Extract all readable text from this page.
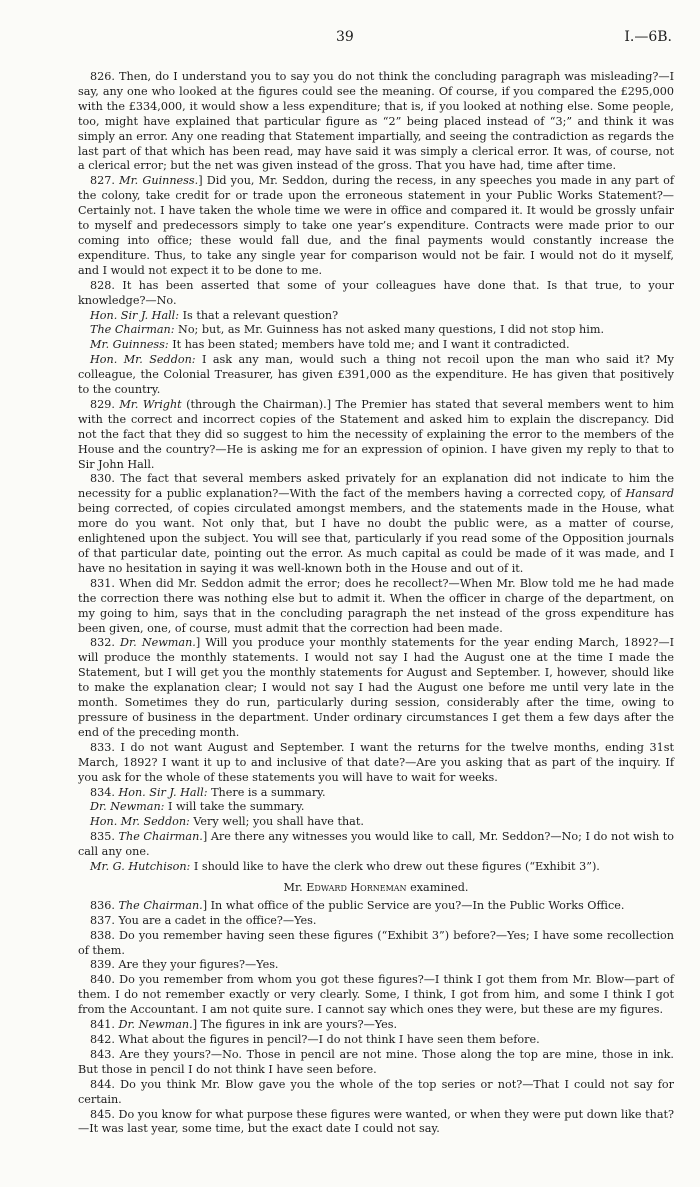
39	I.—6B.

826. Then, do I understand you to say you do not think the concluding paragraph was misleading?—I say, any one who looked at the figures could see the meaning. Of course, if you compared the £295,000 with the £334,000, it would show a less expenditure; that is, if you looked at nothing else. Some people, too, might have explained that particular figure as “2” being placed instead of “3;” and think it was simply an error. Any one reading that Statement impartially, and seeing the contradiction as regards the last part of that which has been read, may have said it was simply a clerical error. It was, of course, not a clerical error; but the net was given instead of the gross. That you have had, time after time.

827. Mr. Guinness.] Did you, Mr. Seddon, during the recess, in any speeches you made in any part of the colony, take credit for or trade upon the erroneous statement in your Public Works Statement?—Certainly not. I have taken the whole time we were in office and compared it. It would be grossly unfair to myself and predecessors simply to take one year’s expenditure. Contracts were made prior to our coming into office; these would fall due, and the final payments would constantly increase the expenditure. Thus, to take any single year for comparison would not be fair. I would not do it myself, and I would not expect it to be done to me.

828. It has been asserted that some of your colleagues have done that. Is that true, to your knowledge?—No.

Hon. Sir J. Hall: Is that a relevant question?

The Chairman: No; but, as Mr. Guinness has not asked many questions, I did not stop him.

Mr. Guinness: It has been stated; members have told me; and I want it contradicted.

Hon. Mr. Seddon: I ask any man, would such a thing not recoil upon the man who said it? My colleague, the Colonial Treasurer, has given £391,000 as the expenditure. He has given that positively to the country.

829. Mr. Wright (through the Chairman).] The Premier has stated that several members went to him with the correct and incorrect copies of the Statement and asked him to explain the discrepancy. Did not the fact that they did so suggest to him the necessity of explaining the error to the members of the House and the country?—He is asking me for an expression of opinion. I have given my reply to that to Sir John Hall.

830. The fact that several members asked privately for an explanation did not indicate to him the necessity for a public explanation?—With the fact of the members having a corrected copy, of Hansard being corrected, of copies circulated amongst members, and the statements made in the House, what more do you want. Not only that, but I have no doubt the public were, as a matter of course, enlightened upon the subject. You will see that, particularly if you read some of the Opposition journals of that particular date, pointing out the error. As much capital as could be made of it was made, and I have no hesitation in saying it was well-known both in the House and out of it.

831. When did Mr. Seddon admit the error; does he recollect?—When Mr. Blow told me he had made the correction there was nothing else but to admit it. When the officer in charge of the department, on my going to him, says that in the concluding paragraph the net instead of the gross expenditure has been given, one, of course, must admit that the correction had been made.

832. Dr. Newman.] Will you produce your monthly statements for the year ending March, 1892?—I will produce the monthly statements. I would not say I had the August one at the time I made the Statement, but I will get you the monthly statements for August and September. I, however, should like to make the explanation clear; I would not say I had the August one before me until very late in the month. Sometimes they do run, particularly during session, considerably after the time, owing to pressure of business in the department. Under ordinary circumstances I get them a few days after the end of the preceding month.

833. I do not want August and September. I want the returns for the twelve months, ending 31st March, 1892? I want it up to and inclusive of that date?—Are you asking that as part of the inquiry. If you ask for the whole of these statements you will have to wait for weeks.

834. Hon. Sir J. Hall: There is a summary.

Dr. Newman: I will take the summary.

Hon. Mr. Seddon: Very well; you shall have that.

835. The Chairman.] Are there any witnesses you would like to call, Mr. Seddon?—No; I do not wish to call any one.

Mr. G. Hutchison: I should like to have the clerk who drew out these figures (“Exhibit 3”).

Mr. Edward Horneman examined.

836. The Chairman.] In what office of the public Service are you?—In the Public Works Office.

837. You are a cadet in the office?—Yes.

838. Do you remember having seen these figures (“Exhibit 3”) before?—Yes; I have some recollection of them.

839. Are they your figures?—Yes.

840. Do you remember from whom you got these figures?—I think I got them from Mr. Blow—part of them. I do not remember exactly or very clearly. Some, I think, I got from him, and some I think I got from the Accountant. I am not quite sure. I cannot say which ones they were, but these are my figures.

841. Dr. Newman.] The figures in ink are yours?—Yes.

842. What about the figures in pencil?—I do not think I have seen them before.

843. Are they yours?—No. Those in pencil are not mine. Those along the top are mine, those in ink. But those in pencil I do not think I have seen before.

844. Do you think Mr. Blow gave you the whole of the top series or not?—That I could not say for certain.

845. Do you know for what purpose these figures were wanted, or when they were put down like that?—It was last year, some time, but the exact date I could not say.
